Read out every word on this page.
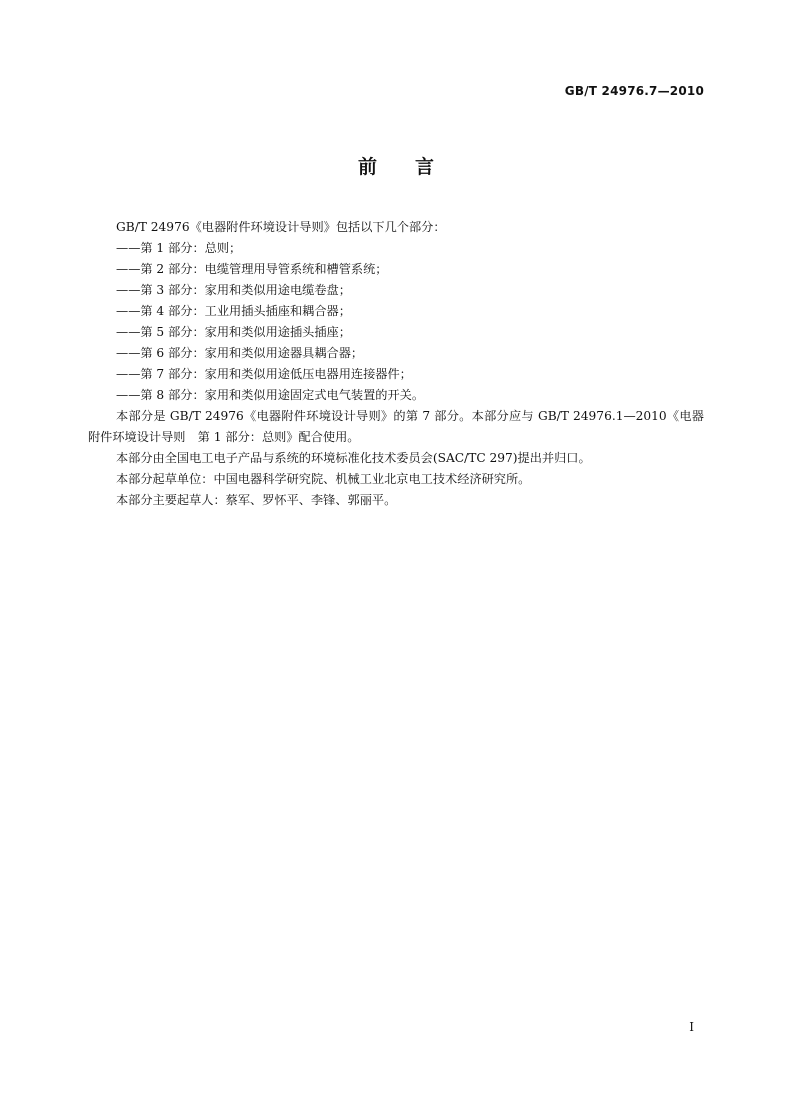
GB/T 24976.7—2010
前言

GB/T 24976《电器附件环境设计导则》包括以下几个部分：

——第 1 部分：总则；

——第 2 部分：电缆管理用导管系统和槽管系统；

——第 3 部分：家用和类似用途电缆卷盘；

——第 4 部分：工业用插头插座和耦合器；

——第 5 部分：家用和类似用途插头插座；

——第 6 部分：家用和类似用途器具耦合器；

——第 7 部分：家用和类似用途低压电器用连接器件；

——第 8 部分：家用和类似用途固定式电气装置的开关。

本部分是 GB/T 24976《电器附件环境设计导则》的第 7 部分。本部分应与 GB/T 24976.1—2010《电器附件环境设计导则　第 1 部分：总则》配合使用。

本部分由全国电工电子产品与系统的环境标准化技术委员会(SAC/TC 297)提出并归口。

本部分起草单位：中国电器科学研究院、机械工业北京电工技术经济研究所。

本部分主要起草人：蔡军、罗怀平、李锋、郭丽平。

I
